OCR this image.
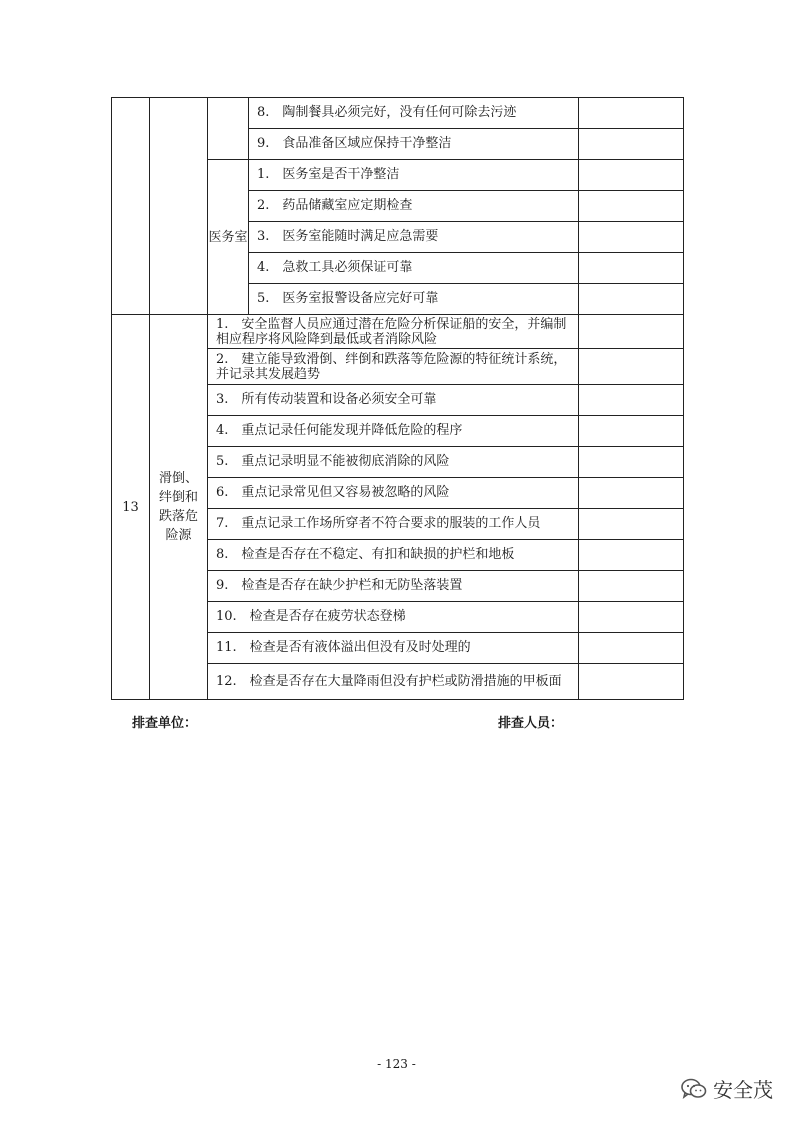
			8.　陶制餐具必须完好，没有任何可除去污迹	
			9.　食品准备区域应保持干净整洁	

		医务室	1.　医务室是否干净整洁	
			2.　药品储藏室应定期检查	
			3.　医务室能随时满足应急需要	
			4.　急救工具必须保证可靠	
			5.　医务室报警设备应完好可靠	
13	滑倒、绊倒和跌落危险源	1.　安全监督人员应通过潜在危险分析保证船的安全，并编制相应程序将风险降到最低或者消除风险		
		2.　建立能导致滑倒、绊倒和跌落等危险源的特征统计系统，并记录其发展趋势		
		3.　所有传动装置和设备必须安全可靠		
		4.　重点记录任何能发现并降低危险的程序		
		5.　重点记录明显不能被彻底消除的风险		
		6.　重点记录常见但又容易被忽略的风险		
		7.　重点记录工作场所穿者不符合要求的服装的工作人员		
		8.　检查是否存在不稳定、有扣和缺损的护栏和地板		
		9.　检查是否存在缺少护栏和无防坠落装置		
		10.　检查是否存在疲劳状态登梯		
		11.　检查是否有液体溢出但没有及时处理的		
		12.　检查是否存在大量降雨但没有护栏或防滑措施的甲板面		
排查单位：	排查人员：
- 123 -
安全茂
